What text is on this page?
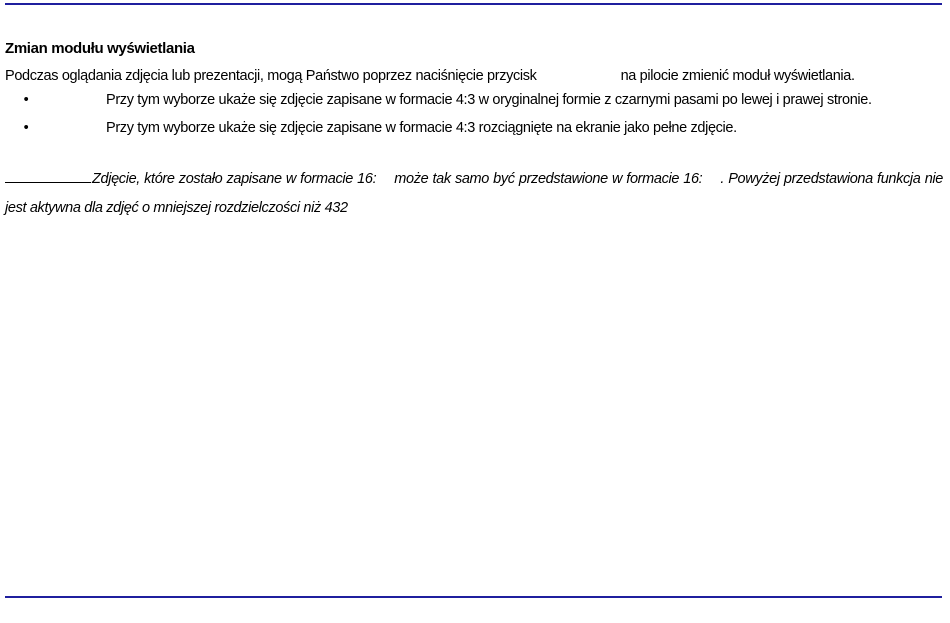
Zmian modułu wyświetlania

Podczas oglądania zdjęcia lub prezentacji, mogą Państwo poprzez naciśnięcie przycisk	na pilocie zmienić moduł wyświetlania.

•	Przy tym wyborze ukaże się zdjęcie zapisane w formacie 4:3 w oryginalnej formie z czarnymi pasami po lewej i prawej stronie.
•	Przy tym wyborze ukaże się zdjęcie zapisane w formacie 4:3 rozciągnięte na ekranie jako pełne zdjęcie.

Zdjęcie, które zostało zapisane w formacie 16: może tak samo być przedstawione w formacie 16: . Powyżej przedstawiona funkcja nie jest aktywna dla zdjęć o mniejszej rozdzielczości niż 432
